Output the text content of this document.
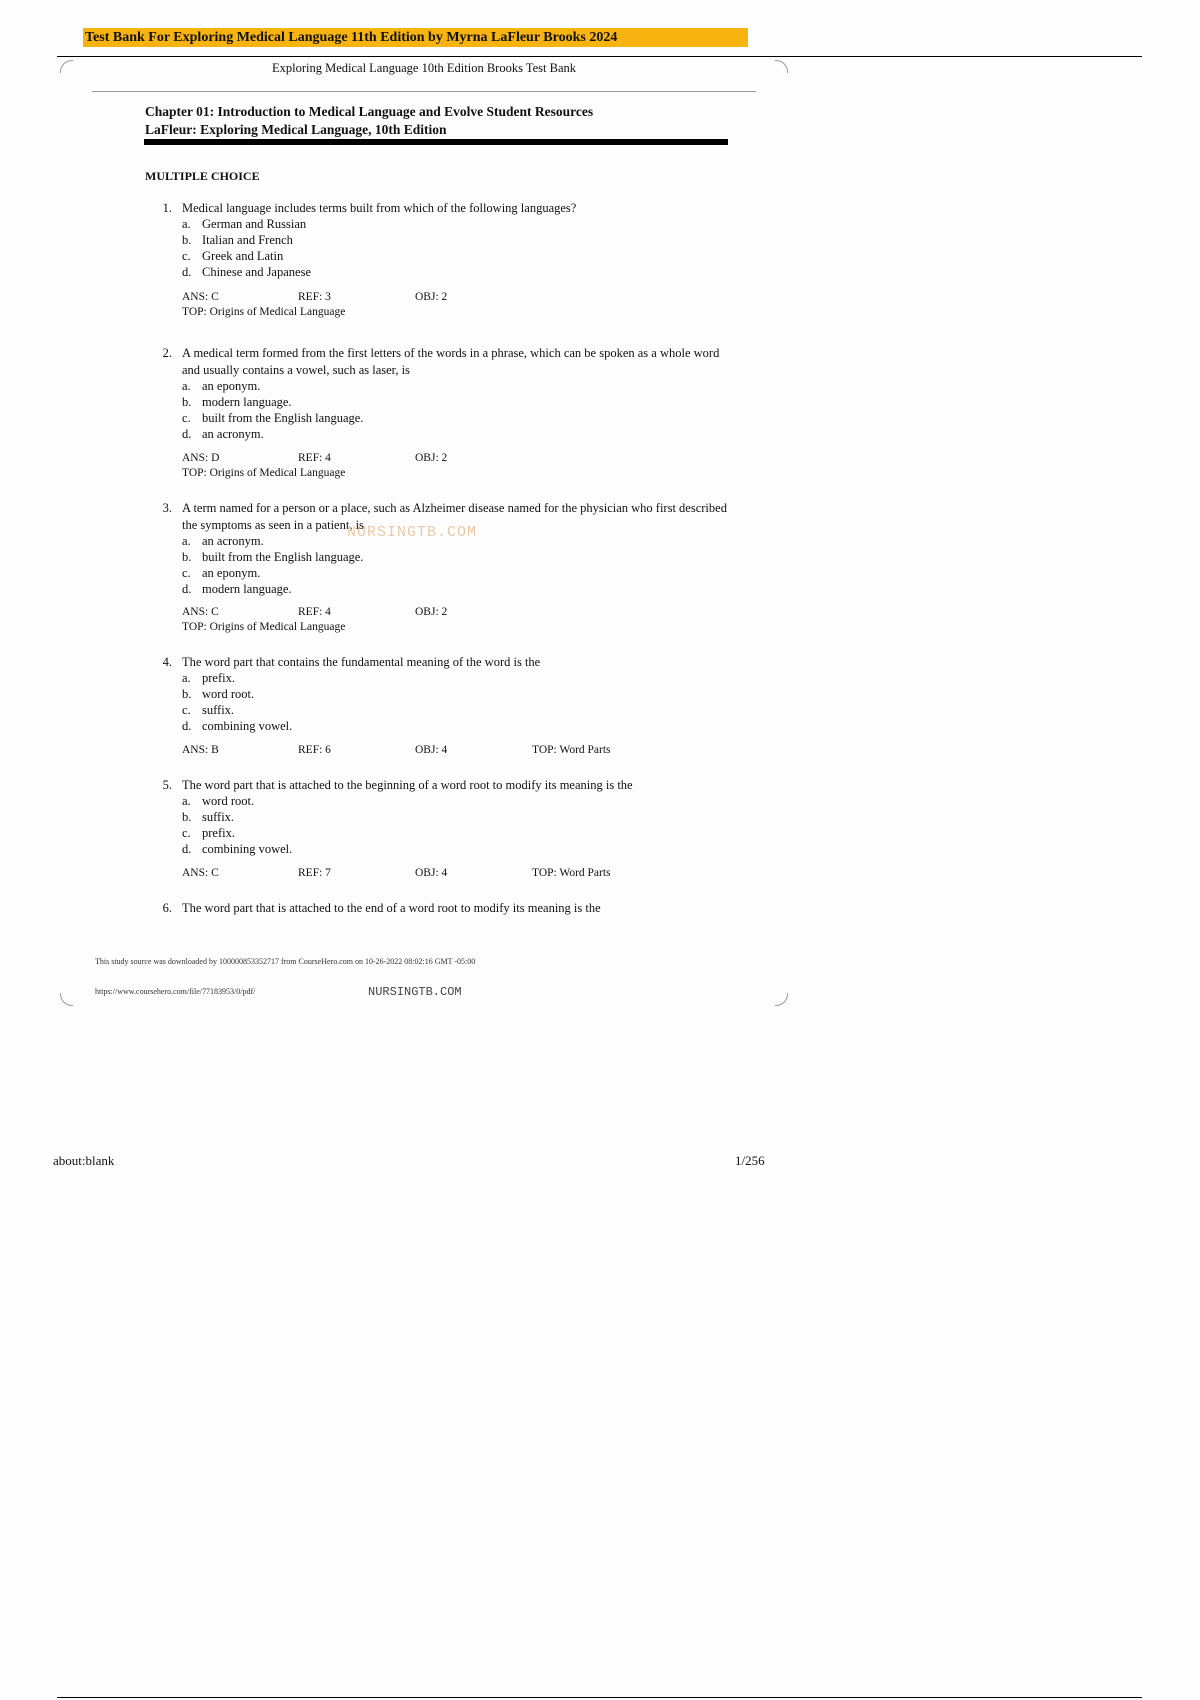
Test Bank For Exploring Medical Language 11th Edition by Myrna LaFleur Brooks 2024
Exploring Medical Language 10th Edition Brooks Test Bank
Chapter 01: Introduction to Medical Language and Evolve Student Resources
LaFleur: Exploring Medical Language, 10th Edition
MULTIPLE CHOICE
1. Medical language includes terms built from which of the following languages?
a. German and Russian
b. Italian and French
c. Greek and Latin
d. Chinese and Japanese
ANS: C	REF: 3	OBJ: 2
TOP: Origins of Medical Language
2. A medical term formed from the first letters of the words in a phrase, which can be spoken as a whole word and usually contains a vowel, such as laser, is
a. an eponym.
b. modern language.
c. built from the English language.
d. an acronym.
ANS: D	REF: 4	OBJ: 2
TOP: Origins of Medical Language
3. A term named for a person or a place, such as Alzheimer disease named for the physician who first described the symptoms as seen in a patient, is
a. an acronym.
b. built from the English language.
c. an eponym.
d. modern language.
ANS: C	REF: 4	OBJ: 2
TOP: Origins of Medical Language
4. The word part that contains the fundamental meaning of the word is the
a. prefix.
b. word root.
c. suffix.
d. combining vowel.
ANS: B	REF: 6	OBJ: 4	TOP: Word Parts
5. The word part that is attached to the beginning of a word root to modify its meaning is the
a. word root.
b. suffix.
c. prefix.
d. combining vowel.
ANS: C	REF: 7	OBJ: 4	TOP: Word Parts
6. The word part that is attached to the end of a word root to modify its meaning is the
NURSINGTB.COM
This study source was downloaded by 100000853352717 from CourseHero.com on 10-26-2022 08:02:16 GMT -05:00
https://www.coursehero.com/file/77183953/0/pdf/	NURSINGTB.COM
about:blank	1/256
